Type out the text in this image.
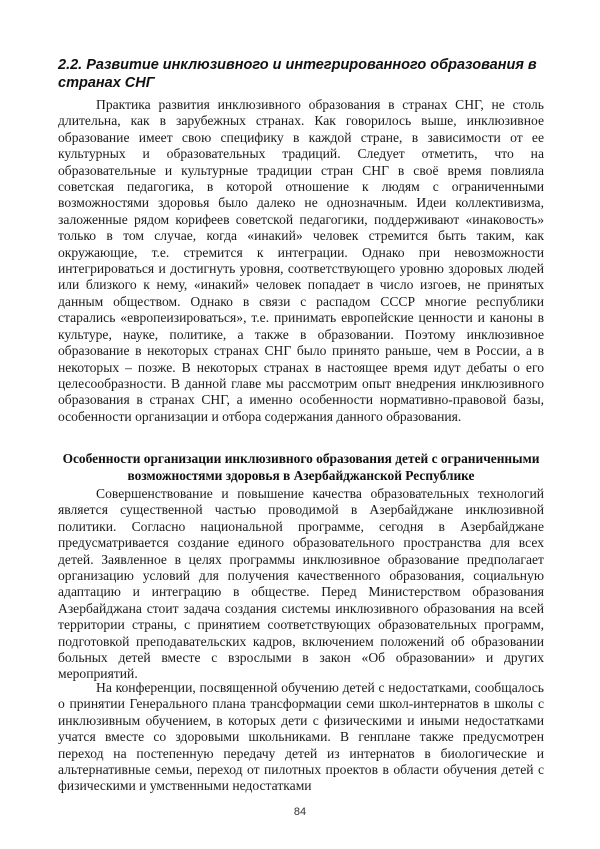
2.2. Развитие инклюзивного и интегрированного образования в странах СНГ

Практика развития инклюзивного образования в странах СНГ, не столь длительна, как в зарубежных странах. Как говорилось выше, инклюзивное образование имеет свою специфику в каждой стране, в зависимости от ее культурных и образовательных традиций. Следует отметить, что на образовательные и культурные традиции стран СНГ в своё время повлияла советская педагогика, в которой отношение к людям с ограниченными возможностями здоровья было далеко не однозначным. Идеи коллективизма, заложенные рядом корифеев советской педагогики, поддерживают «инаковость» только в том случае, когда «инакий» человек стремится быть таким, как окружающие, т.е. стремится к интеграции. Однако при невозможности интегрироваться и достигнуть уровня, соответствующего уровню здоровых людей или близкого к нему, «инакий» человек попадает в число изгоев, не принятых данным обществом. Однако в связи с распадом СССР многие республики старались «европеизироваться», т.е. принимать европейские ценности и каноны в культуре, науке, политике, а также в образовании. Поэтому инклюзивное образование в некоторых странах СНГ было принято раньше, чем в России, а в некоторых – позже. В некоторых странах в настоящее время идут дебаты о его целесообразности. В данной главе мы рассмотрим опыт внедрения инклюзивного образования в странах СНГ, а именно особенности нормативно-правовой базы, особенности организации и отбора содержания данного образования.

Особенности организации инклюзивного образования детей с ограниченными возможностями здоровья в Азербайджанской Республике

Совершенствование и повышение качества образовательных технологий является существенной частью проводимой в Азербайджане инклюзивной политики. Согласно национальной программе, сегодня в Азербайджане предусматривается создание единого образовательного пространства для всех детей. Заявленное в целях программы инклюзивное образование предполагает организацию условий для получения качественного образования, социальную адаптацию и интеграцию в обществе. Перед Министерством образования Азербайджана стоит задача создания системы инклюзивного образования на всей территории страны, с принятием соответствующих образовательных программ, подготовкой преподавательских кадров, включением положений об образовании больных детей вместе с взрослыми в закон «Об образовании» и других мероприятий.

На конференции, посвященной обучению детей с недостатками, сообщалось о принятии Генерального плана трансформации семи школ-интернатов в школы с инклюзивным обучением, в которых дети с физическими и иными недостатками учатся вместе со здоровыми школьниками. В генплане также предусмотрен переход на постепенную передачу детей из интернатов в биологические и альтернативные семьи, переход от пилотных проектов в области обучения детей с физическими и умственными недостатками

84
